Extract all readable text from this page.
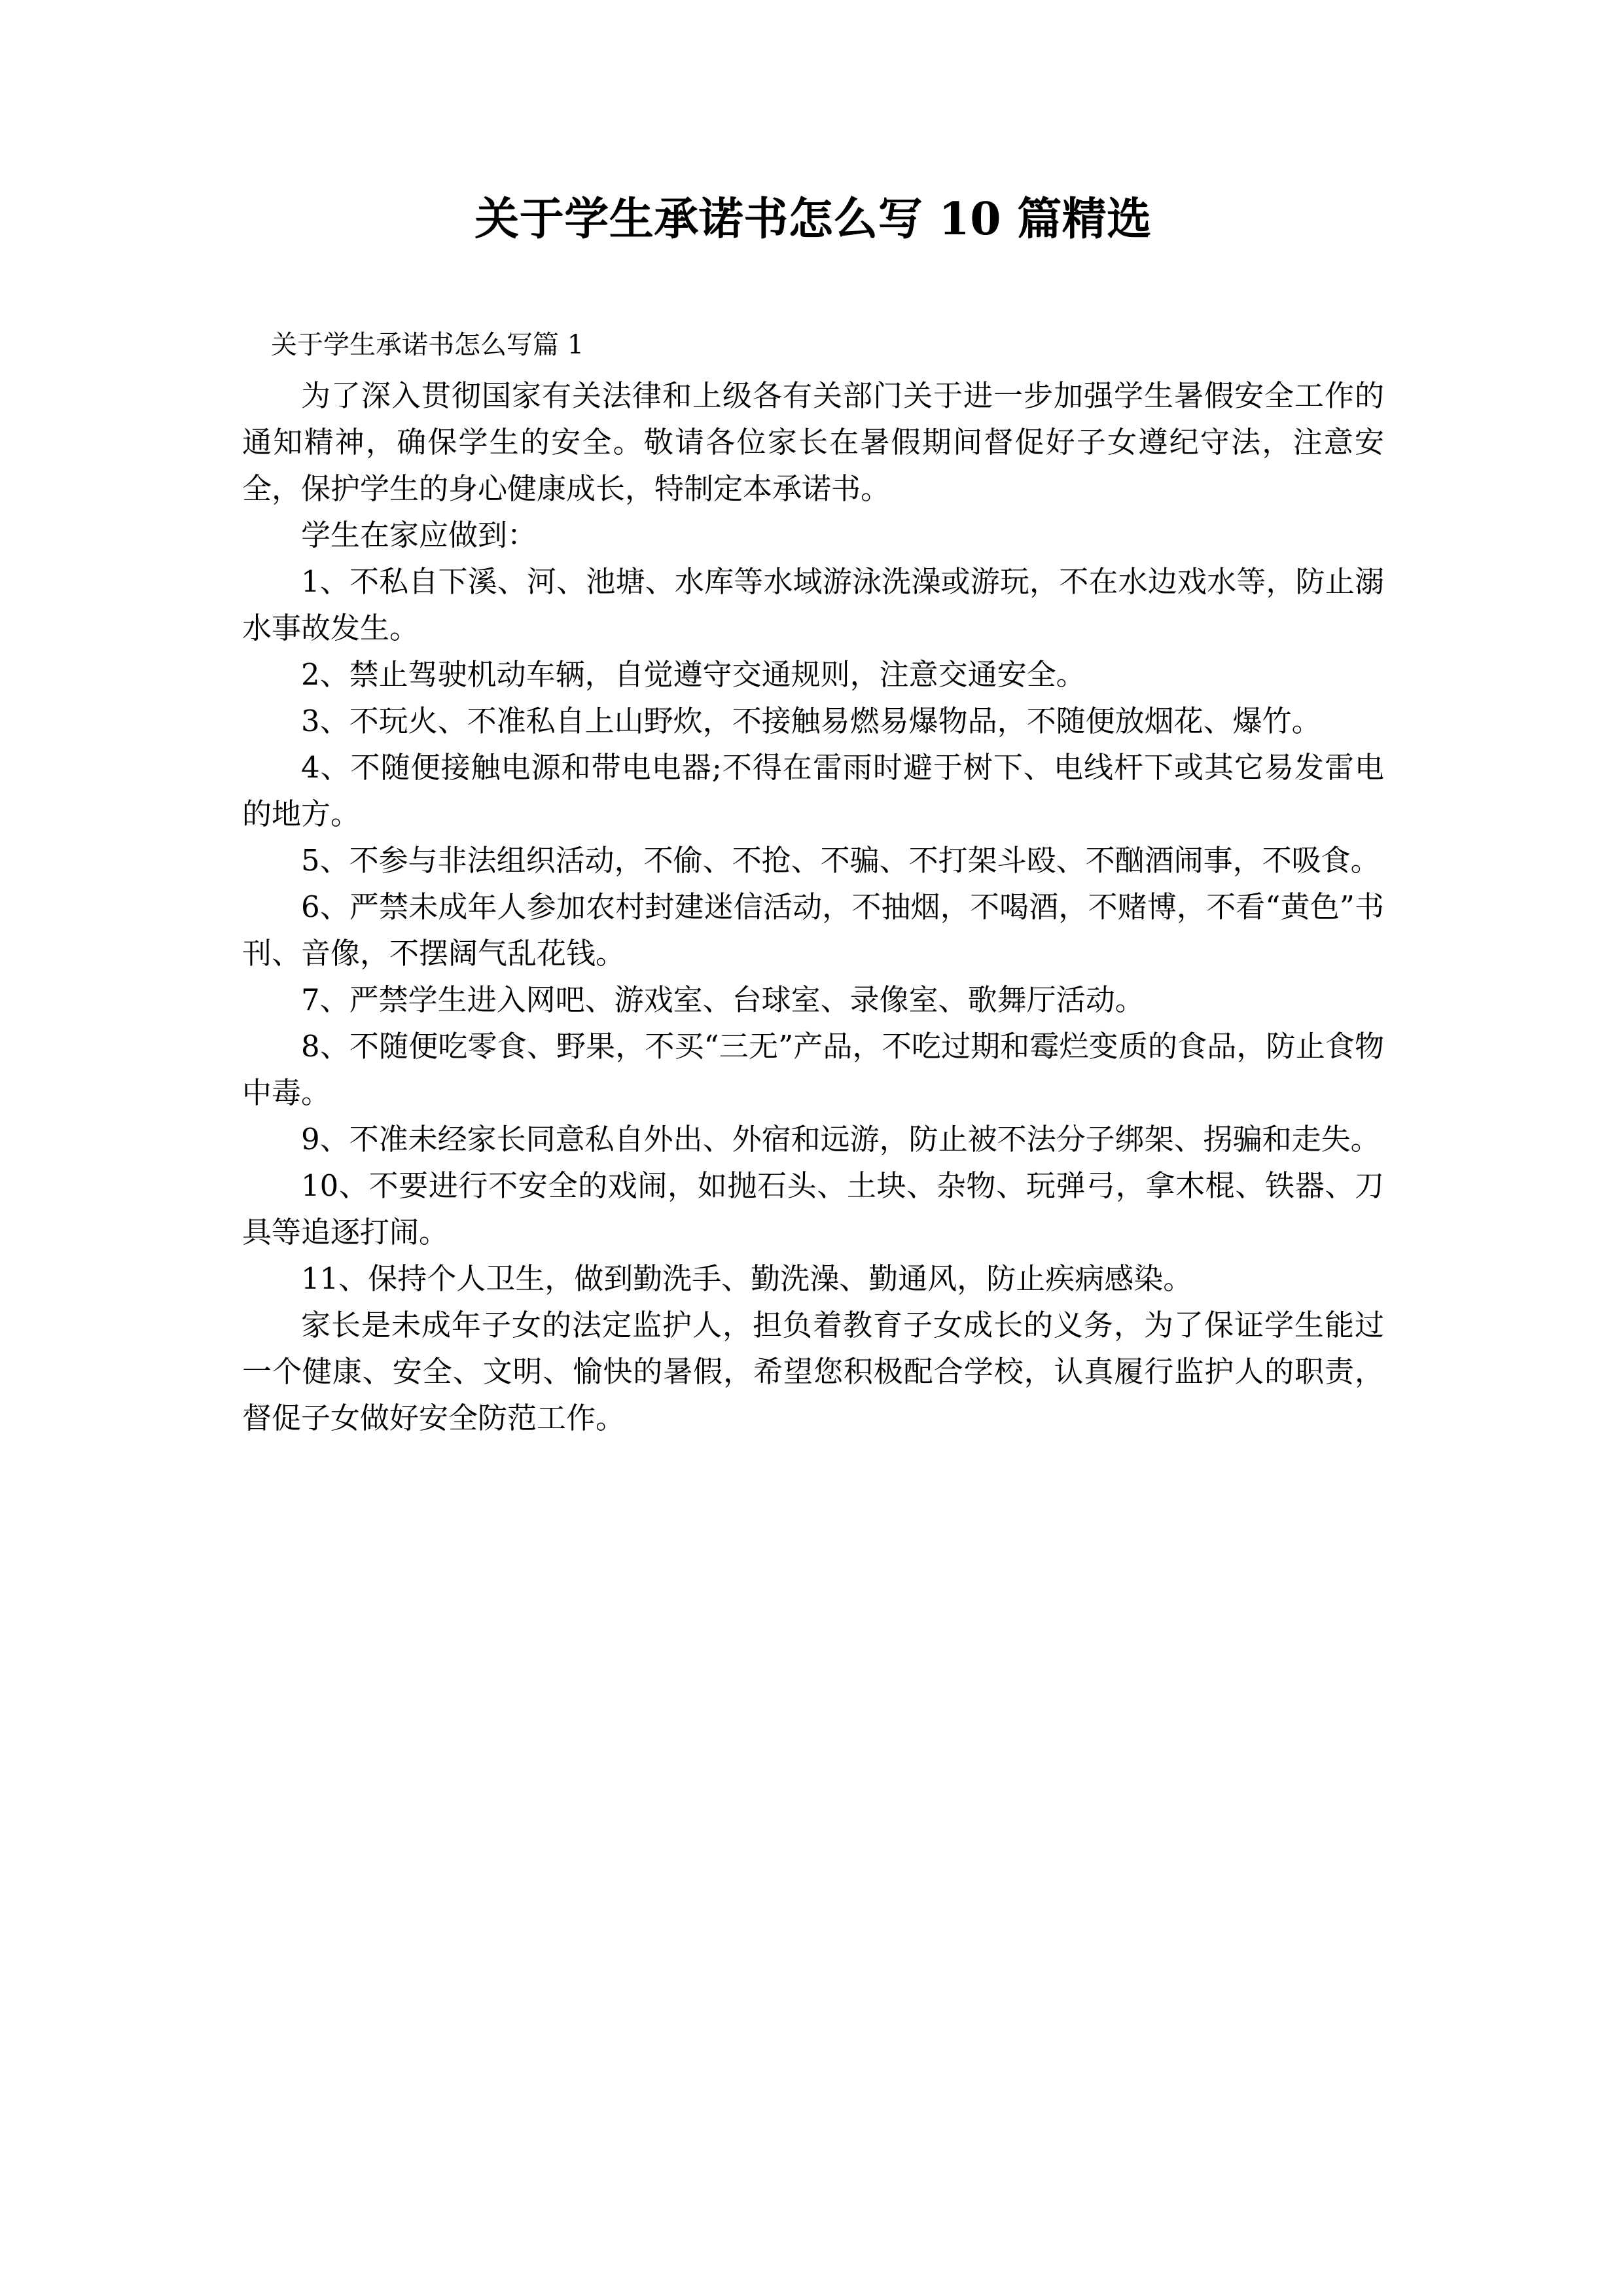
关于学生承诺书怎么写 10 篇精选

关于学生承诺书怎么写篇 1

为了深入贯彻国家有关法律和上级各有关部门关于进一步加强学生暑假安全工作的通知精神，确保学生的安全。敬请各位家长在暑假期间督促好子女遵纪守法，注意安全，保护学生的身心健康成长，特制定本承诺书。

学生在家应做到：

1、不私自下溪、河、池塘、水库等水域游泳洗澡或游玩，不在水边戏水等，防止溺水事故发生。

2、禁止驾驶机动车辆，自觉遵守交通规则，注意交通安全。

3、不玩火、不准私自上山野炊，不接触易燃易爆物品，不随便放烟花、爆竹。

4、不随便接触电源和带电电器;不得在雷雨时避于树下、电线杆下或其它易发雷电的地方。

5、不参与非法组织活动，不偷、不抢、不骗、不打架斗殴、不酗酒闹事，不吸食。

6、严禁未成年人参加农村封建迷信活动，不抽烟，不喝酒，不赌博，不看“黄色”书刊、音像，不摆阔气乱花钱。

7、严禁学生进入网吧、游戏室、台球室、录像室、歌舞厅活动。

8、不随便吃零食、野果，不买“三无”产品，不吃过期和霉烂变质的食品，防止食物中毒。

9、不准未经家长同意私自外出、外宿和远游，防止被不法分子绑架、拐骗和走失。

10、不要进行不安全的戏闹，如抛石头、土块、杂物、玩弹弓，拿木棍、铁器、刀具等追逐打闹。

11、保持个人卫生，做到勤洗手、勤洗澡、勤通风，防止疾病感染。

家长是未成年子女的法定监护人，担负着教育子女成长的义务，为了保证学生能过一个健康、安全、文明、愉快的暑假，希望您积极配合学校，认真履行监护人的职责，督促子女做好安全防范工作。
